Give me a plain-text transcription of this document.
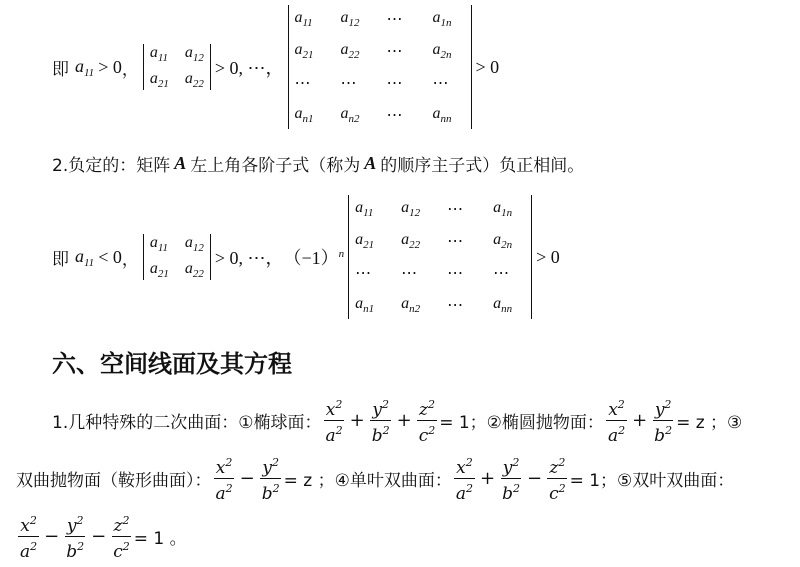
即 $a_{11} > 0$ ，
$a_{11}$ $a_{12}$
$a_{21}$ $a_{22}$
> 0, ⋯，
$a_{11}$	$a_{12}$	⋯	$a_{1n}$
$a_{21}$	$a_{22}$	⋯	$a_{2n}$
⋯	⋯	⋯	⋯
$a_{n1}$	$a_{n2}$	⋯	$a_{nn}$
> 0
2.负定的：矩阵 A 左上角各阶子式（称为 A 的顺序主子式）负正相间。
即 $a_{11} < 0$ ，
$a_{11}$ $a_{12}$
$a_{21}$ $a_{22}$
> 0, ⋯， $(-1)^n$
$a_{11}$	$a_{12}$	⋯	$a_{1n}$
$a_{21}$	$a_{22}$	⋯	$a_{2n}$
⋯	⋯	⋯	⋯
$a_{n1}$	$a_{n2}$	⋯	$a_{nn}$
> 0
六、空间线面及其方程
1.几种特殊的二次曲面：①椭球面： $\frac{x^2}{a^2} + \frac{y^2}{b^2} + \frac{z^2}{c^2} = 1$；②椭圆抛物面： $\frac{x^2}{a^2} + \frac{y^2}{b^2} = z$ ；③
双曲抛物面（鞍形曲面）： $\frac{x^2}{a^2} - \frac{y^2}{b^2} = z$ ；④单叶双曲面： $\frac{x^2}{a^2} + \frac{y^2}{b^2} - \frac{z^2}{c^2} = 1$；⑤双叶双曲面：
$\frac{x^2}{a^2} - \frac{y^2}{b^2} - \frac{z^2}{c^2} = 1$ 。
